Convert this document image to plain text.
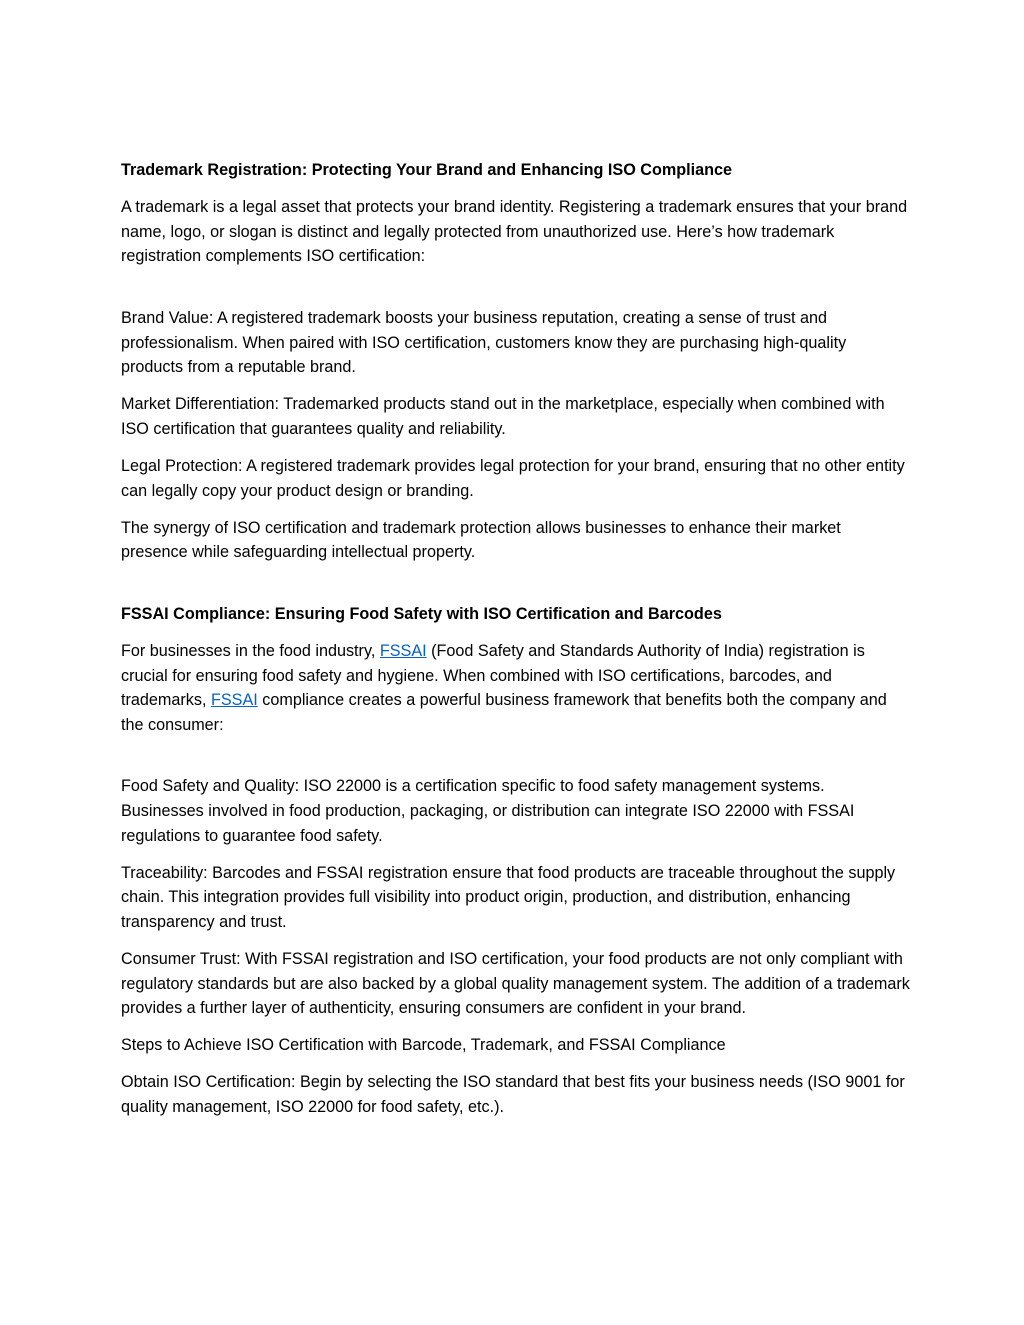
Trademark Registration: Protecting Your Brand and Enhancing ISO Compliance

A trademark is a legal asset that protects your brand identity. Registering a trademark ensures that your brand name, logo, or slogan is distinct and legally protected from unauthorized use. Here’s how trademark registration complements ISO certification:

Brand Value: A registered trademark boosts your business reputation, creating a sense of trust and professionalism. When paired with ISO certification, customers know they are purchasing high-quality products from a reputable brand.

Market Differentiation: Trademarked products stand out in the marketplace, especially when combined with ISO certification that guarantees quality and reliability.

Legal Protection: A registered trademark provides legal protection for your brand, ensuring that no other entity can legally copy your product design or branding.

The synergy of ISO certification and trademark protection allows businesses to enhance their market presence while safeguarding intellectual property.

FSSAI Compliance: Ensuring Food Safety with ISO Certification and Barcodes

For businesses in the food industry, FSSAI (Food Safety and Standards Authority of India) registration is crucial for ensuring food safety and hygiene. When combined with ISO certifications, barcodes, and trademarks, FSSAI compliance creates a powerful business framework that benefits both the company and the consumer:

Food Safety and Quality: ISO 22000 is a certification specific to food safety management systems. Businesses involved in food production, packaging, or distribution can integrate ISO 22000 with FSSAI regulations to guarantee food safety.

Traceability: Barcodes and FSSAI registration ensure that food products are traceable throughout the supply chain. This integration provides full visibility into product origin, production, and distribution, enhancing transparency and trust.

Consumer Trust: With FSSAI registration and ISO certification, your food products are not only compliant with regulatory standards but are also backed by a global quality management system. The addition of a trademark provides a further layer of authenticity, ensuring consumers are confident in your brand.

Steps to Achieve ISO Certification with Barcode, Trademark, and FSSAI Compliance

Obtain ISO Certification: Begin by selecting the ISO standard that best fits your business needs (ISO 9001 for quality management, ISO 22000 for food safety, etc.).
